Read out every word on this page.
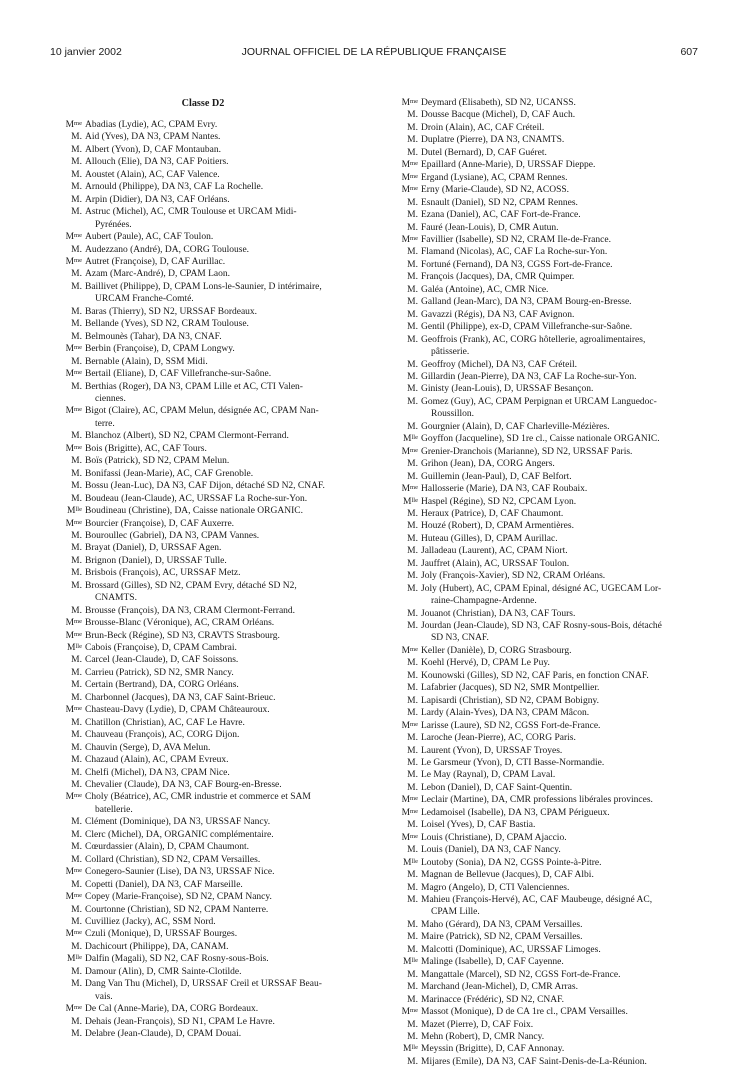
10 janvier 2002	JOURNAL OFFICIEL DE LA RÉPUBLIQUE FRANÇAISE	607
Classe D2
$M^{me}$ Abadias (Lydie), AC, CPAM Evry.
M. Aid (Yves), DA N3, CPAM Nantes.
M. Albert (Yvon), D, CAF Montauban.
M. Allouch (Elie), DA N3, CAF Poitiers.
M. Aoustet (Alain), AC, CAF Valence.
M. Arnould (Philippe), DA N3, CAF La Rochelle.
M. Arpin (Didier), DA N3, CAF Orléans.
M. Astruc (Michel), AC, CMR Toulouse et URCAM Midi-
Pyrénées.
$M^{me}$ Aubert (Paule), AC, CAF Toulon.
M. Audezzano (André), DA, CORG Toulouse.
$M^{me}$ Autret (Françoise), D, CAF Aurillac.
M. Azam (Marc-André), D, CPAM Laon.
M. Baillivet (Philippe), D, CPAM Lons-le-Saunier, D intérimaire,
URCAM Franche-Comté.
M. Baras (Thierry), SD N2, URSSAF Bordeaux.
M. Bellande (Yves), SD N2, CRAM Toulouse.
M. Belmounès (Tahar), DA N3, CNAF.
$M^{me}$ Berbin (Françoise), D, CPAM Longwy.
M. Bernable (Alain), D, SSM Midi.
$M^{me}$ Bertail (Eliane), D, CAF Villefranche-sur-Saône.
M. Berthias (Roger), DA N3, CPAM Lille et AC, CTI Valen-
ciennes.
$M^{me}$ Bigot (Claire), AC, CPAM Melun, désignée AC, CPAM Nan-
terre.
M. Blanchoz (Albert), SD N2, CPAM Clermont-Ferrand.
$M^{me}$ Bois (Brigitte), AC, CAF Tours.
M. Boïs (Patrick), SD N2, CPAM Melun.
M. Bonifassi (Jean-Marie), AC, CAF Grenoble.
M. Bossu (Jean-Luc), DA N3, CAF Dijon, détaché SD N2, CNAF.
M. Boudeau (Jean-Claude), AC, URSSAF La Roche-sur-Yon.
$M^{lle}$ Boudineau (Christine), DA, Caisse nationale ORGANIC.
$M^{me}$ Bourcier (Françoise), D, CAF Auxerre.
M. Bouroullec (Gabriel), DA N3, CPAM Vannes.
M. Brayat (Daniel), D, URSSAF Agen.
M. Brignon (Daniel), D, URSSAF Tulle.
M. Brisbois (François), AC, URSSAF Metz.
M. Brossard (Gilles), SD N2, CPAM Evry, détaché SD N2,
CNAMTS.
M. Brousse (François), DA N3, CRAM Clermont-Ferrand.
$M^{me}$ Brousse-Blanc (Véronique), AC, CRAM Orléans.
$M^{me}$ Brun-Beck (Régine), SD N3, CRAVTS Strasbourg.
$M^{lle}$ Cabois (Françoise), D, CPAM Cambrai.
M. Carcel (Jean-Claude), D, CAF Soissons.
M. Carrieu (Patrick), SD N2, SMR Nancy.
M. Certain (Bertrand), DA, CORG Orléans.
M. Charbonnel (Jacques), DA N3, CAF Saint-Brieuc.
$M^{me}$ Chasteau-Davy (Lydie), D, CPAM Châteauroux.
M. Chatillon (Christian), AC, CAF Le Havre.
M. Chauveau (François), AC, CORG Dijon.
M. Chauvin (Serge), D, AVA Melun.
M. Chazaud (Alain), AC, CPAM Evreux.
M. Chelfi (Michel), DA N3, CPAM Nice.
M. Chevalier (Claude), DA N3, CAF Bourg-en-Bresse.
$M^{me}$ Choly (Béatrice), AC, CMR industrie et commerce et SAM
batellerie.
M. Clément (Dominique), DA N3, URSSAF Nancy.
M. Clerc (Michel), DA, ORGANIC complémentaire.
M. Cœurdassier (Alain), D, CPAM Chaumont.
M. Collard (Christian), SD N2, CPAM Versailles.
$M^{me}$ Conegero-Saunier (Lise), DA N3, URSSAF Nice.
M. Copetti (Daniel), DA N3, CAF Marseille.
$M^{me}$ Copey (Marie-Françoise), SD N2, CPAM Nancy.
M. Courtonne (Christian), SD N2, CPAM Nanterre.
M. Cuvilliez (Jacky), AC, SSM Nord.
$M^{me}$ Czuli (Monique), D, URSSAF Bourges.
M. Dachicourt (Philippe), DA, CANAM.
$M^{lle}$ Dalfin (Magali), SD N2, CAF Rosny-sous-Bois.
M. Damour (Alin), D, CMR Sainte-Clotilde.
M. Dang Van Thu (Michel), D, URSSAF Creil et URSSAF Beau-
vais.
$M^{me}$ De Cal (Anne-Marie), DA, CORG Bordeaux.
M. Dehais (Jean-François), SD N1, CPAM Le Havre.
M. Delabre (Jean-Claude), D, CPAM Douai.
$M^{me}$ Deymard (Elisabeth), SD N2, UCANSS.
M. Dousse Bacque (Michel), D, CAF Auch.
M. Droin (Alain), AC, CAF Créteil.
M. Duplatre (Pierre), DA N3, CNAMTS.
M. Dutel (Bernard), D, CAF Guéret.
$M^{me}$ Epaillard (Anne-Marie), D, URSSAF Dieppe.
$M^{me}$ Ergand (Lysiane), AC, CPAM Rennes.
$M^{me}$ Erny (Marie-Claude), SD N2, ACOSS.
M. Esnault (Daniel), SD N2, CPAM Rennes.
M. Ezana (Daniel), AC, CAF Fort-de-France.
M. Fauré (Jean-Louis), D, CMR Autun.
$M^{me}$ Favillier (Isabelle), SD N2, CRAM Ile-de-France.
M. Flamand (Nicolas), AC, CAF La Roche-sur-Yon.
M. Fortuné (Fernand), DA N3, CGSS Fort-de-France.
M. François (Jacques), DA, CMR Quimper.
M. Galéa (Antoine), AC, CMR Nice.
M. Galland (Jean-Marc), DA N3, CPAM Bourg-en-Bresse.
M. Gavazzi (Régis), DA N3, CAF Avignon.
M. Gentil (Philippe), ex-D, CPAM Villefranche-sur-Saône.
M. Geoffrois (Frank), AC, CORG hôtellerie, agroalimentaires,
pâtisserie.
M. Geoffroy (Michel), DA N3, CAF Créteil.
M. Gillardin (Jean-Pierre), DA N3, CAF La Roche-sur-Yon.
M. Ginisty (Jean-Louis), D, URSSAF Besançon.
M. Gomez (Guy), AC, CPAM Perpignan et URCAM Languedoc-
Roussillon.
M. Gourgnier (Alain), D, CAF Charleville-Mézières.
$M^{lle}$ Goyffon (Jacqueline), SD 1re cl., Caisse nationale ORGANIC.
$M^{me}$ Grenier-Dranchois (Marianne), SD N2, URSSAF Paris.
M. Grihon (Jean), DA, CORG Angers.
M. Guillemin (Jean-Paul), D, CAF Belfort.
$M^{me}$ Hallosserie (Marie), DA N3, CAF Roubaix.
$M^{lle}$ Haspel (Régine), SD N2, CPCAM Lyon.
M. Heraux (Patrice), D, CAF Chaumont.
M. Houzé (Robert), D, CPAM Armentières.
M. Huteau (Gilles), D, CPAM Aurillac.
M. Jalladeau (Laurent), AC, CPAM Niort.
M. Jauffret (Alain), AC, URSSAF Toulon.
M. Joly (François-Xavier), SD N2, CRAM Orléans.
M. Joly (Hubert), AC, CPAM Epinal, désigné AC, UGECAM Lor-
raine-Champagne-Ardenne.
M. Jouanot (Christian), DA N3, CAF Tours.
M. Jourdan (Jean-Claude), SD N3, CAF Rosny-sous-Bois, détaché
SD N3, CNAF.
$M^{me}$ Keller (Danièle), D, CORG Strasbourg.
M. Koehl (Hervé), D, CPAM Le Puy.
M. Kounowski (Gilles), SD N2, CAF Paris, en fonction CNAF.
M. Lafabrier (Jacques), SD N2, SMR Montpellier.
M. Lapisardi (Christian), SD N2, CPAM Bobigny.
M. Lardy (Alain-Yves), DA N3, CPAM Mâcon.
$M^{me}$ Larisse (Laure), SD N2, CGSS Fort-de-France.
M. Laroche (Jean-Pierre), AC, CORG Paris.
M. Laurent (Yvon), D, URSSAF Troyes.
M. Le Garsmeur (Yvon), D, CTI Basse-Normandie.
M. Le May (Raynal), D, CPAM Laval.
M. Lebon (Daniel), D, CAF Saint-Quentin.
$M^{me}$ Leclair (Martine), DA, CMR professions libérales provinces.
$M^{me}$ Ledamoisel (Isabelle), DA N3, CPAM Périgueux.
M. Loisel (Yves), D, CAF Bastia.
$M^{me}$ Louis (Christiane), D, CPAM Ajaccio.
M. Louis (Daniel), DA N3, CAF Nancy.
$M^{lle}$ Loutoby (Sonia), DA N2, CGSS Pointe-à-Pitre.
M. Magnan de Bellevue (Jacques), D, CAF Albi.
M. Magro (Angelo), D, CTI Valenciennes.
M. Mahieu (François-Hervé), AC, CAF Maubeuge, désigné AC,
CPAM Lille.
M. Maho (Gérard), DA N3, CPAM Versailles.
M. Maire (Patrick), SD N2, CPAM Versailles.
M. Malcotti (Dominique), AC, URSSAF Limoges.
$M^{lle}$ Malinge (Isabelle), D, CAF Cayenne.
M. Mangattale (Marcel), SD N2, CGSS Fort-de-France.
M. Marchand (Jean-Michel), D, CMR Arras.
M. Marinacce (Frédéric), SD N2, CNAF.
$M^{me}$ Massot (Monique), D de CA 1re cl., CPAM Versailles.
M. Mazet (Pierre), D, CAF Foix.
M. Mehn (Robert), D, CMR Nancy.
$M^{lle}$ Meyssin (Brigitte), D, CAF Annonay.
M. Mijares (Emile), DA N3, CAF Saint-Denis-de-La-Réunion.
